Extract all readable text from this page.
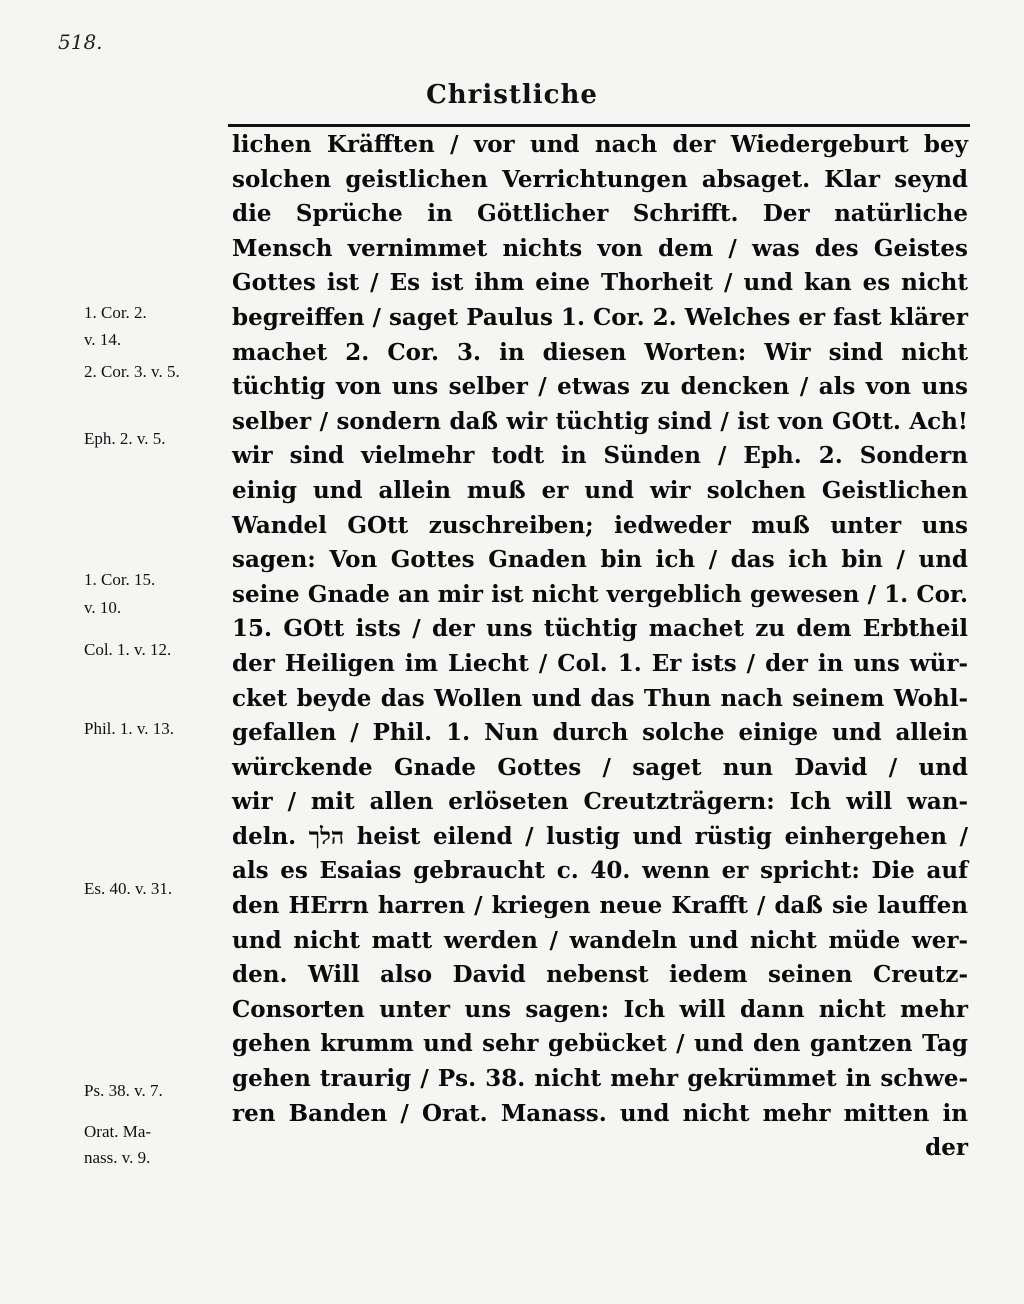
518.
Christliche
1. Cor. 2.
v. 14.
2. Cor. 3. v. 5.
Eph. 2. v. 5.
1. Cor. 15.
v. 10.
Col. 1. v. 12.
Phil. 1. v. 13.
Es. 40. v. 31.
Ps. 38. v. 7.
Orat. Ma-
nass. v. 9.
lichen Kräfften / vor und nach der Wiedergeburt bey
solchen geistlichen Verrichtungen absaget. Klar seynd
die Sprüche in Göttlicher Schrifft. Der natürliche
Mensch vernimmet nichts von dem / was des Geistes
Gottes ist / Es ist ihm eine Thorheit / und kan es nicht
begreiffen / saget Paulus 1. Cor. 2. Welches er fast klärer
machet 2. Cor. 3. in diesen Worten: Wir sind nicht
tüchtig von uns selber / etwas zu dencken / als von uns
selber / sondern daß wir tüchtig sind / ist von GOtt. Ach!
wir sind vielmehr todt in Sünden / Eph. 2. Sondern
einig und allein muß er und wir solchen Geistlichen
Wandel GOtt zuschreiben; iedweder muß unter uns
sagen: Von Gottes Gnaden bin ich / das ich bin / und
seine Gnade an mir ist nicht vergeblich gewesen / 1. Cor.
15. GOtt ists / der uns tüchtig machet zu dem Erbtheil
der Heiligen im Liecht / Col. 1. Er ists / der in uns wür-
cket beyde das Wollen und das Thun nach seinem Wohl-
gefallen / Phil. 1. Nun durch solche einige und allein
würckende Gnade Gottes / saget nun David / und
wir / mit allen erlöseten Creutzträgern: Ich will wan-
deln. הלך heist eilend / lustig und rüstig einhergehen /
als es Esaias gebraucht c. 40. wenn er spricht: Die auf
den HErrn harren / kriegen neue Krafft / daß sie lauffen
und nicht matt werden / wandeln und nicht müde wer-
den. Will also David nebenst iedem seinen Creutz-
Consorten unter uns sagen: Ich will dann nicht mehr
gehen krumm und sehr gebücket / und den gantzen Tag
gehen traurig / Ps. 38. nicht mehr gekrümmet in schwe-
ren Banden / Orat. Manass. und nicht mehr mitten in
der
